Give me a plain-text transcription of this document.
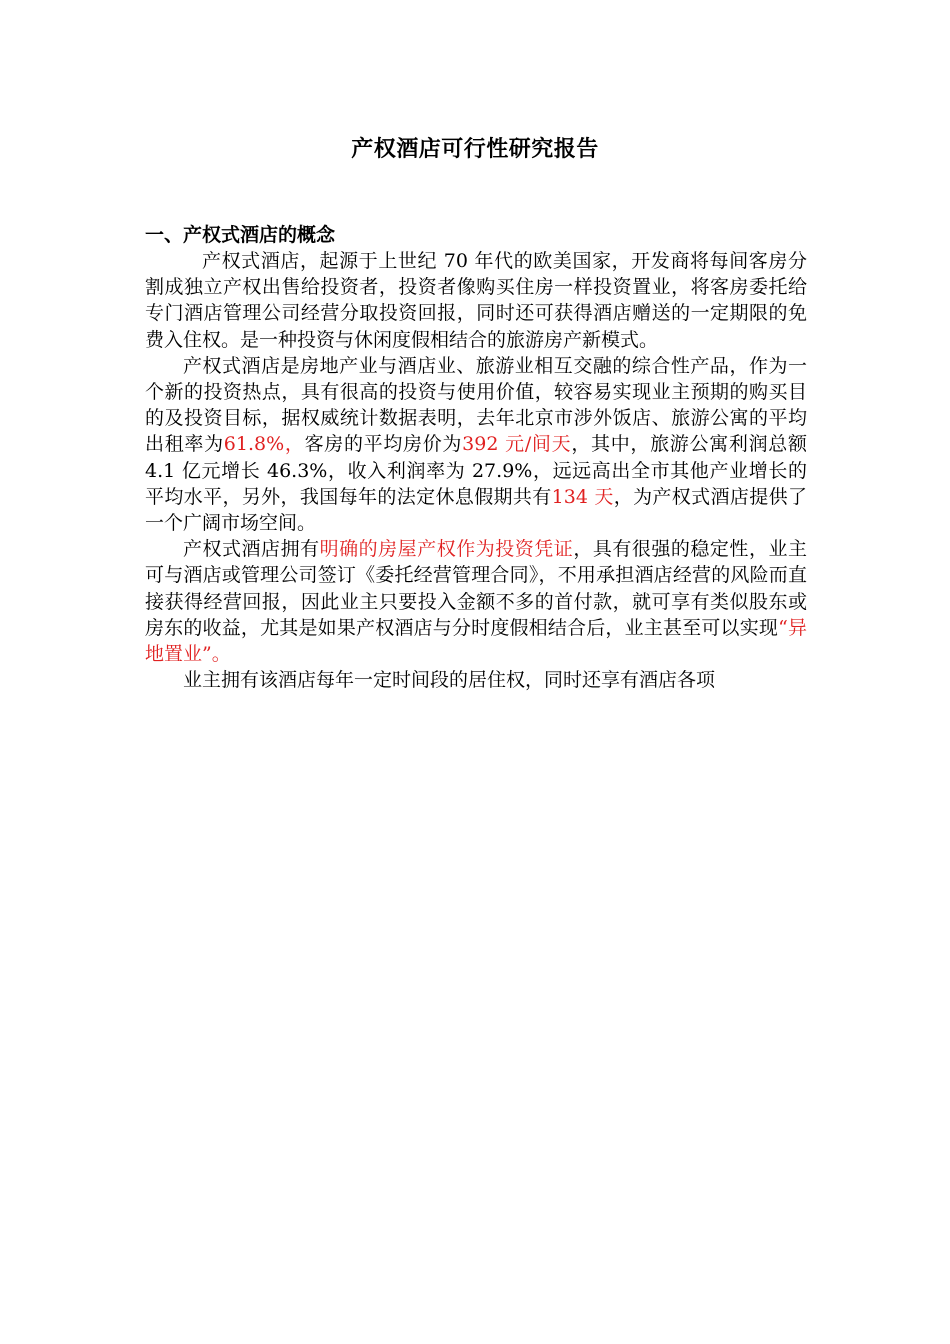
产权酒店可行性研究报告

一、产权式酒店的概念

产权式酒店，起源于上世纪 70 年代的欧美国家，开发商将每间客房分割成独立产权出售给投资者，投资者像购买住房一样投资置业，将客房委托给专门酒店管理公司经营分取投资回报，同时还可获得酒店赠送的一定期限的免费入住权。是一种投资与休闲度假相结合的旅游房产新模式。

产权式酒店是房地产业与酒店业、旅游业相互交融的综合性产品，作为一个新的投资热点，具有很高的投资与使用价值，较容易实现业主预期的购买目的及投资目标，据权威统计数据表明，去年北京市涉外饭店、旅游公寓的平均出租率为61.8%，客房的平均房价为392 元/间天，其中，旅游公寓利润总额 4.1 亿元增长 46.3%，收入利润率为 27.9%，远远高出全市其他产业增长的平均水平，另外，我国每年的法定休息假期共有134 天，为产权式酒店提供了一个广阔市场空间。

产权式酒店拥有明确的房屋产权作为投资凭证，具有很强的稳定性，业主可与酒店或管理公司签订《委托经营管理合同》，不用承担酒店经营的风险而直接获得经营回报，因此业主只要投入金额不多的首付款，就可享有类似股东或房东的收益，尤其是如果产权酒店与分时度假相结合后，业主甚至可以实现“异地置业”。

业主拥有该酒店每年一定时间段的居住权，同时还享有酒店各项
